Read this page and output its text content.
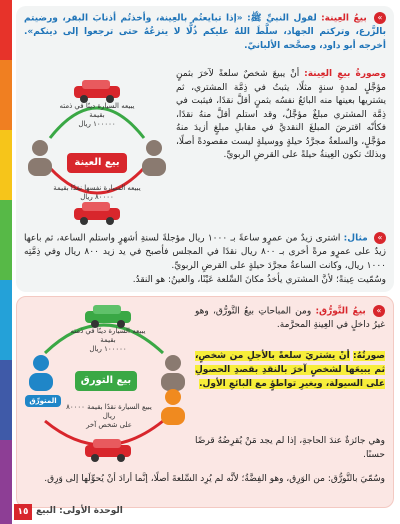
» بيعُ العِينة: لقول النبيِّ ﷺ: «إذا تبايعتُم بالعِينة، وأخذتُم أذنابَ البقر، ورضيتم بالزَّرع، وتركتم الجهاد، سلَّطَ اللهُ عليكم ذُلًّا لا ينزعُهُ حتى ترجعوا إلى دينكم». أخرجه أبو داود، وصحَّحه الألبانيّ.
وصورةُ بيعِ العِينة: أنْ يبيعَ شخصٌ سلعةً لآخرَ بثمنٍ مؤجَّلٍ لمدةٍ سنةٍ مثلًا، يثبتُ في ذِمَّة المشتري، ثم يشتريها بعينها منه البائعُ نفسُه بثمنٍ أقلَّ نقدًا، فيثبت في ذِمَّة المشتري مبلغٌ مؤجَّلٌ، وقد استلم أقلَّ منهُ نقدًا، فكأنّه اقترضَ المبلغَ النقديَّ في مقابلِ مبلغٍ أزيدَ منهُ مؤجَّلٍ، والسلعةُ مجرَّدُ حيلةٍ ووسيلةٍ ليست مقصودةً أصلًا، وبذلك تكون العِينةُ حيلةً على القرضِ الربويِّ.
يبيعه السيارة دينًا في ذمته بقيمة
١٠٠٠٠٠ ريال
بيع العينة
يبيعه السيارة نفسها نقدًا بقيمة
٨٠٠٠٠ ريال
» مثال: اشترى زيدٌ من عمرٍو ساعةً بـ ١٠٠٠ ريال مؤجلةً لسنةِ أشهرٍ واستلم الساعة، ثم باعها زيدٌ على عمرٍو مرةً أخرى بـ ٨٠٠ ريال نقدًا في المجلس فأصبح في يد زيد ٨٠٠ ريال وفي ذِمَّتِه ١٠٠٠ ريال، وكانت الساعةُ مجرَّدَ حيلةٍ على القرضِ الربويِّ.
وسُمّيت عِينةً؛ لأنَّ المشتري يأخذُ مكانَ السِّلعة عَيْنًا، والعينُ: هو النقدُ.
» بيعُ التَّورُّق: ومن المباحاتِ بيعُ التَّورُّق، وهو غيرُ داخلٍ في العِينةِ المحرَّمة.
صورتُهُ: أنْ يشتريَ سلعةً بالأجلِ من شخصٍ، ثم يبيعَها لشخصٍ آخرَ بالنقدِ بقصدِ الحصولِ على السيولة، ويغيرِ تواطؤٍ مع البائعِ الأول.
وهي جائزةٌ عندَ الحاجةِ، إذا لم يجد مَنْ يُقرِضُهُ قرضًا حسنًا.
وسُمّيَ بالتَّورُّق: من الوَرِق، وهو الفِضَّةُ؛ لأنَّه لم يُرِد السِّلعةَ أصلًا، إنَّما أرادَ أنْ يُحوِّلَها إلى وَرِق.
يبيعه السيارة دينًا في ذمته بقيمة
١٠٠٠٠٠ ريال
المتورِّق
بيع التورق
يبيع السيارة نقدًا بقيمة ٨٠٠٠٠ ريال
على شخص آخر
١٥ الوحدة الأولى: البيع
